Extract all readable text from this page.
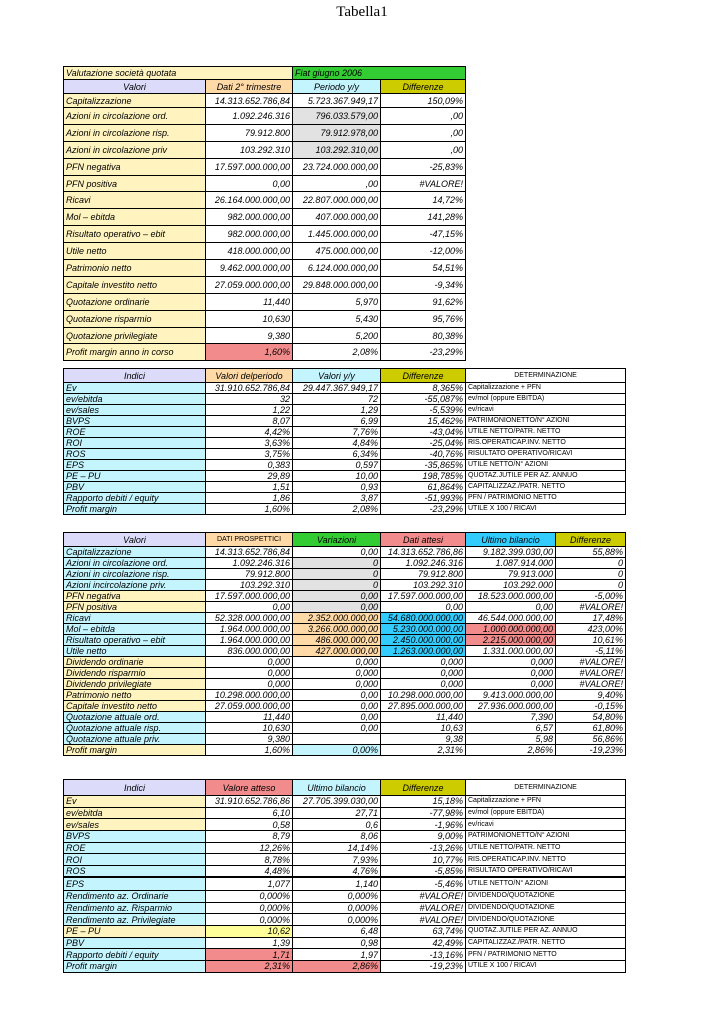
Tabella1
Valutazione società quotata		Fiat giugno 2006	
Valori	Dati 2° trimestre	Periodo y/y	Differenze
Capitalizzazione	14.313.652.786,84	5.723.367.949,17	150,09%
Azioni in circolazione ord.	1.092.246.316	796.033.579,00	,00
Azioni in circolazione risp.	79.912.800	79.912.978,00	,00
Azioni in circolazione priv	103.292.310	103.292.310,00	,00
PFN negativa	17.597.000.000,00	23.724.000.000,00	-25,83%
PFN positiva	0,00	,00	#VALORE!
Ricavi	26.164.000.000,00	22.807.000.000,00	14,72%
Mol – ebitda	982.000.000,00	407.000.000,00	141,28%
Risultato operativo – ebit	982.000.000,00	1.445.000.000,00	-47,15%
Utile netto	418.000.000,00	475.000.000,00	-12,00%
Patrimonio netto	9.462.000.000,00	6.124.000.000,00	54,51%
Capitale investito netto	27.059.000.000,00	29.848.000.000,00	-9,34%
Quotazione ordinarie	11,440	5,970	91,62%
Quotazione risparmio	10,630	5,430	95,76%
Quotazione privilegiate	9,380	5,200	80,38%
Profit margin anno in corso	1,60%	2,08%	-23,29%
Indici	Valori delperiodo	Valori y/y	Differenze	DETERMINAZIONE
Ev	31.910.652.786,84	29.447.367.949,17	8,365%	Capitalizzazione + PFN
ev/ebitda	32	72	-55,087%	ev/mol (oppure EBITDA)
ev/sales	1,22	1,29	-5,539%	ev/ricavi
BVPS	8,07	6,99	15,462%	PATRIMONIONETTO/N° AZIONI
ROE	4,42%	7,76%	-43,04%	UTILE NETTO/PATR. NETTO
ROI	3,63%	4,84%	-25,04%	RIS.OPERATICAP.INV. NETTO
ROS	3,75%	6,34%	-40,76%	RISULTATO OPERATIVO/RICAVI
EPS	0,383	0,597	-35,865%	UTILE NETTO/N° AZIONI
PE – PU	29,89	10,00	198,785%	QUOTAZ.JUTILE PER AZ. ANNUO
PBV	1,51	0,93	61,864%	CAPITALIZZAZ./PATR. NETTO
Rapporto debiti / equity	1,86	3,87	-51,993%	PFN / PATRIMONIO NETTO
Profit margin	1,60%	2,08%	-23,29%	UTILE X 100 / RICAVI
Valori	DATI PROSPETTICI	Variazioni	Dati attesi	Ultimo bilancio	Differenze
Capitalizzazione	14.313.652.786,84	0,00	14.313.652.786,86	9.182.399.030,00	55,88%
Azioni in circolazione ord.	1.092.246.316	0	1.092.246.316	1.087.914.000	0
Azioni in circolazione risp.	79.912.800	0	79.912.800	79.913.000	0
Azioni incircolazione priv.	103.292.310	0	103.292.310	103.292.000	0
PFN negativa	17.597.000.000,00	0,00	17.597.000.000,00	18.523.000.000,00	-5,00%
PFN positiva	0,00	0,00	0,00	0,00	#VALORE!
Ricavi	52.328.000.000,00	2.352.000.000,00	54.680.000.000,00	46.544.000.000,00	17,48%
Mol – ebitda	1.964.000.000,00	3.266.000.000,00	5.230.000.000,00	1.000.000.000,00	423,00%
Risultato operativo – ebit	1.964.000.000,00	486.000.000,00	2.450.000.000,00	2.215.000.000,00	10,61%
Utile netto	836.000.000,00	427.000.000,00	1.263.000.000,00	1.331.000.000,00	-5,11%
Dividendo ordinarie	0,000	0,000	0,000	0,000	#VALORE!
Dividendo risparmio	0,000	0,000	0,000	0,000	#VALORE!
Dividendo privilegiate	0,000	0,000	0,000	0,000	#VALORE!
Patrimonio netto	10.298.000.000,00	0,00	10.298.000.000,00	9.413.000.000,00	9,40%
Capitale investito netto	27.059.000.000,00	0,00	27.895.000.000,00	27.936.000.000,00	-0,15%
Quotazione attuale ord.	11,440	0,00	11,440	7,390	54,80%
Quotazione attuale risp.	10,630	0,00	10,63	6,57	61,80%
Quotazione attuale priv.	9,380		9,38	5,98	56,86%
Profit margin	1,60%	0,00%	2,31%	2,86%	-19,23%
Indici	Valore atteso	Ultimo bilancio	Differenze	DETERMINAZIONE
Ev	31.910.652.786,86	27.705.399.030,00	15,18%	Capitalizzazione + PFN
ev/ebitda	6,10	27,71	-77,98%	ev/mol (oppure EBITDA)
ev/sales	0,58	0,6	-1,96%	ev/ricavi
BVPS	8,79	8,06	9,00%	PATRIMONIONETTO/N° AZIONI
ROE	12,26%	14,14%	-13,26%	UTILE NETTO/PATR. NETTO
ROI	8,78%	7,93%	10,77%	RIS.OPERATICAP.INV. NETTO
ROS	4,48%	4,76%	-5,85%	RISULTATO OPERATIVO/RICAVI
EPS	1,077	1,140	-5,46%	UTILE NETTO/N° AZIONI
Rendimento az. Ordinarie	0,000%	0,000%	#VALORE!	DIVIDENDO/QUOTAZIONE
Rendimento az. Risparmio	0,000%	0,000%	#VALORE!	DIVIDENDO/QUOTAZIONE
Rendimento az. Privilegiate	0,000%	0,000%	#VALORE!	DIVIDENDO/QUOTAZIONE
PE – PU	10,62	6,48	63,74%	QUOTAZ.JUTILE PER AZ. ANNUO
PBV	1,39	0,98	42,49%	CAPITALIZZAZ./PATR. NETTO
Rapporto debiti / equity	1,71	1,97	-13,16%	PFN / PATRIMONIO NETTO
Profit margin	2,31%	2,86%	-19,23%	UTILE X 100 / RICAVI
